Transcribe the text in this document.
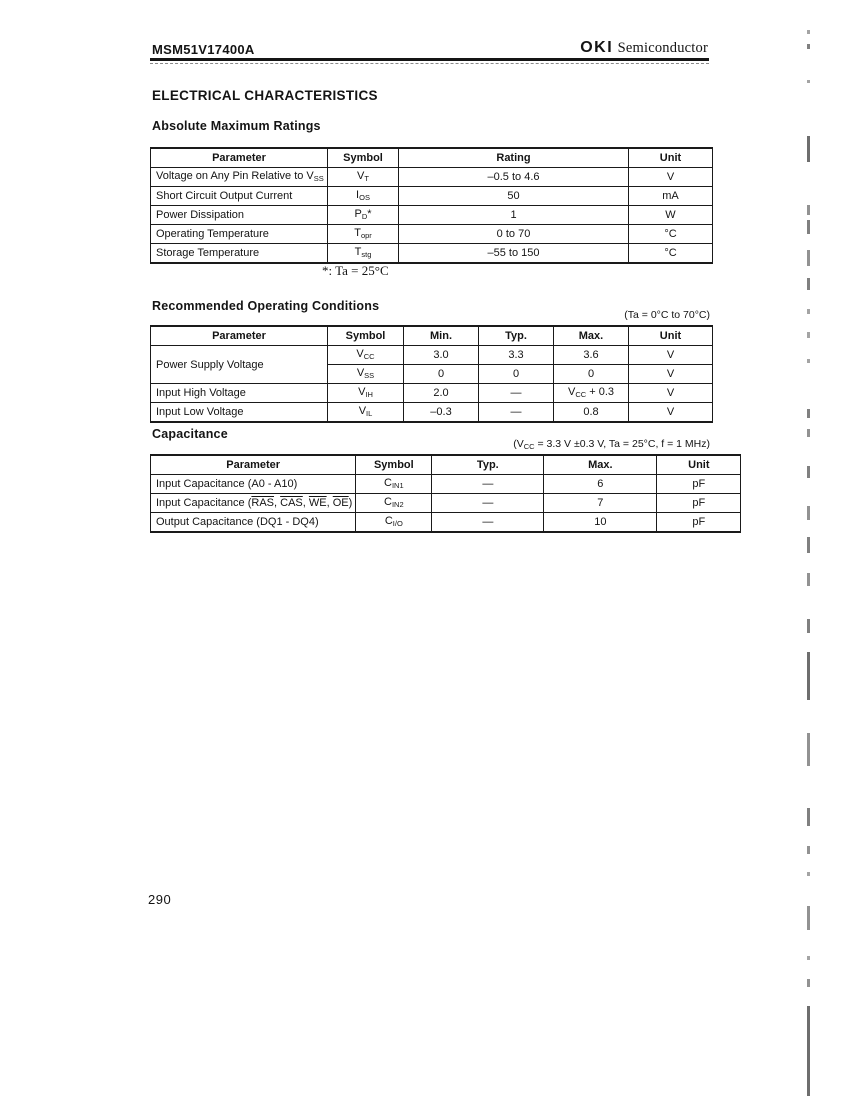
MSM51V17400A	OKI Semiconductor
ELECTRICAL CHARACTERISTICS
Absolute Maximum Ratings
Parameter	Symbol	Rating	Unit
Voltage on Any Pin Relative to $V_{SS}$	$V_T$	–0.5 to 4.6	V
Short Circuit Output Current	$I_{OS}$	50	mA
Power Dissipation	$P_D*$	1	W
Operating Temperature	$T_{opr}$	0 to 70	°C
Storage Temperature	$T_{stg}$	–55 to 150	°C
*: Ta = 25°C
Recommended Operating Conditions
(Ta = 0°C to 70°C)
Parameter	Symbol	Min.	Typ.	Max.	Unit
Power Supply Voltage	$V_{CC}$	3.0	3.3	3.6	V
	$V_{SS}$	0	0	0	V
Input High Voltage	$V_{IH}$	2.0	—	$V_{CC} + 0.3$	V
Input Low Voltage	$V_{IL}$	–0.3	—	0.8	V
Capacitance
($V_{CC} = 3.3$ V ±0.3 V, Ta = 25°C, f = 1 MHz)
Parameter	Symbol	Typ.	Max.	Unit
Input Capacitance (A0 - A10)	$C_{IN1}$	—	6	pF
Input Capacitance ($\overline{RAS}$, $\overline{CAS}$, $\overline{WE}$, $\overline{OE}$)	$C_{IN2}$	—	7	pF
Output Capacitance (DQ1 - DQ4)	$C_{I/O}$	—	10	pF
290
